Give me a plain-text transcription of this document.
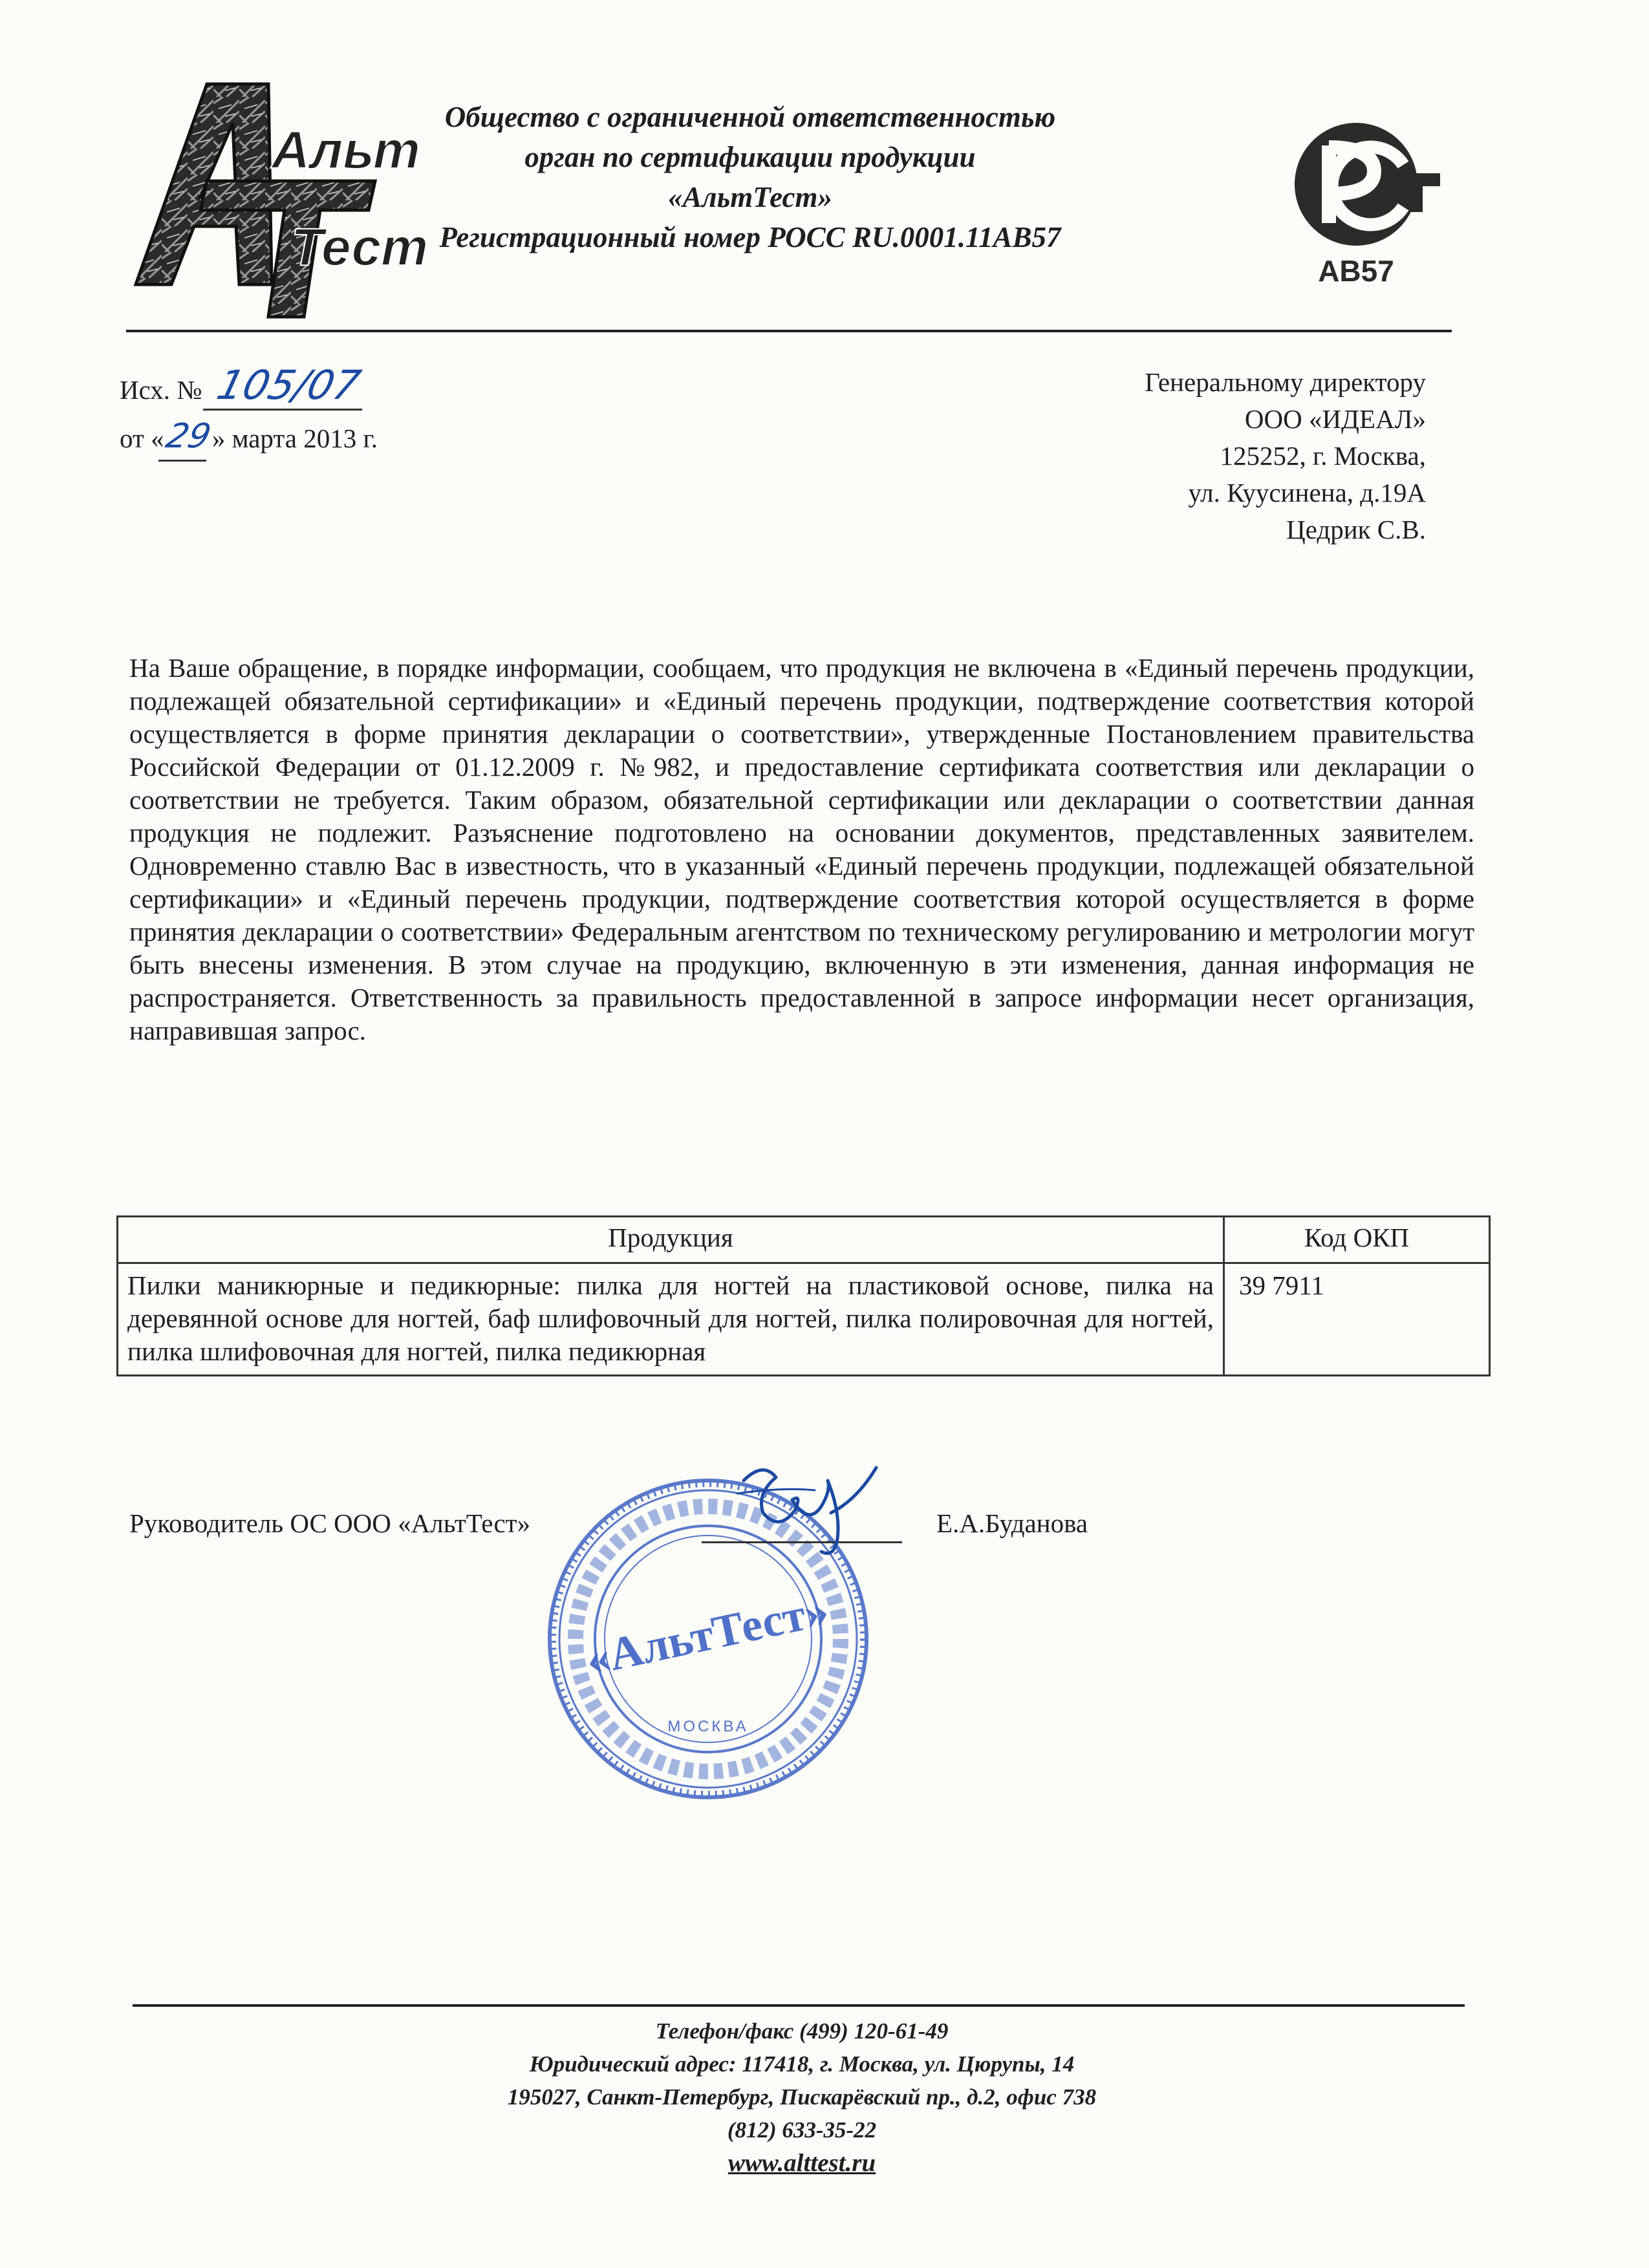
Альт
Тест
Общество с ограниченной ответственностью
орган по сертификации продукции
«АльтТест»
Регистрационный номер РОСС RU.0001.11АВ57
АВ57
Исх. № 105/07
от «29» марта 2013 г.
Генеральному директору
ООО «ИДЕАЛ»
125252, г. Москва,
ул. Куусинена, д.19А
Цедрик С.В.
На Ваше обращение, в порядке информации, сообщаем, что продукция не включена в «Единый перечень продукции, подлежащей обязательной сертификации» и «Единый перечень продукции, подтверждение соответствия которой осуществляется в форме принятия декларации о соответствии», утвержденные Постановлением правительства Российской Федерации от 01.12.2009 г. №982, и предоставление сертификата соответствия или декларации о соответствии не требуется. Таким образом, обязательной сертификации или декларации о соответствии данная продукция не подлежит. Разъяснение подготовлено на основании документов, представленных заявителем. Одновременно ставлю Вас в известность, что в указанный «Единый перечень продукции, подлежащей обязательной сертификации» и «Единый перечень продукции, подтверждение соответствия которой осуществляется в форме принятия декларации о соответствии» Федеральным агентством по техническому регулированию и метрологии могут быть внесены изменения. В этом случае на продукцию, включенную в эти изменения, данная информация не распространяется. Ответственность за правильность предоставленной в запросе информации несет организация, направившая запрос.
Продукция	Код ОКП
Пилки маникюрные и педикюрные: пилка для ногтей на пластиковой основе, пилка на деревянной основе для ногтей, баф шлифовочный для ногтей, пилка полировочная для ногтей, пилка шлифовочная для ногтей, пилка педикюрная	39 7911
«АльтТест»
МОСКВА
Руководитель ОС ООО «АльтТест»	Е.А.Буданова
Телефон/факс (499) 120-61-49
Юридический адрес: 117418, г. Москва, ул. Цюрупы, 14
195027, Санкт-Петербург, Пискарёвский пр., д.2, офис 738
(812) 633-35-22
www.alttest.ru
